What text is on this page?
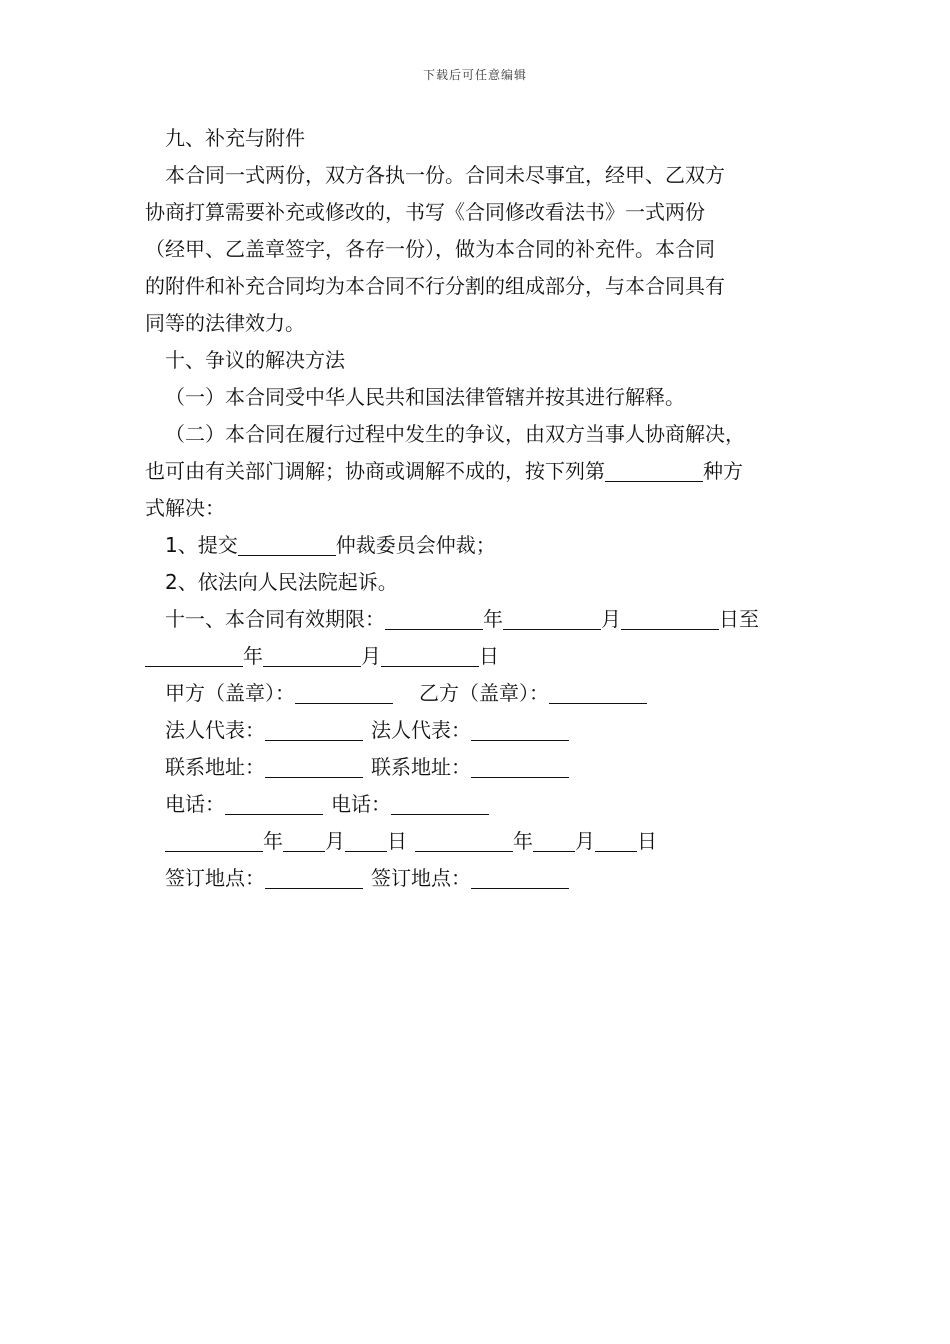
下载后可任意编辑
九、补充与附件
本合同一式两份，双方各执一份。合同未尽事宜，经甲、乙双方
协商打算需要补充或修改的，书写《合同修改看法书》一式两份
（经甲、乙盖章签字，各存一份），做为本合同的补充件。本合同
的附件和补充合同均为本合同不行分割的组成部分，与本合同具有
同等的法律效力。
十、争议的解决方法
（一）本合同受中华人民共和国法律管辖并按其进行解释。
（二）本合同在履行过程中发生的争议，由双方当事人协商解决，
也可由有关部门调解；协商或调解不成的，按下列第	种方
式解决：
1、提交	仲裁委员会仲裁；
2、依法向人民法院起诉。
十一、本合同有效期限：	年	月	日至
年	月	日
甲方（盖章）：	乙方（盖章）：
法人代表：	法人代表：
联系地址：	联系地址：
电话：	电话：
年 月 日	年 月 日
签订地点：	签订地点：
